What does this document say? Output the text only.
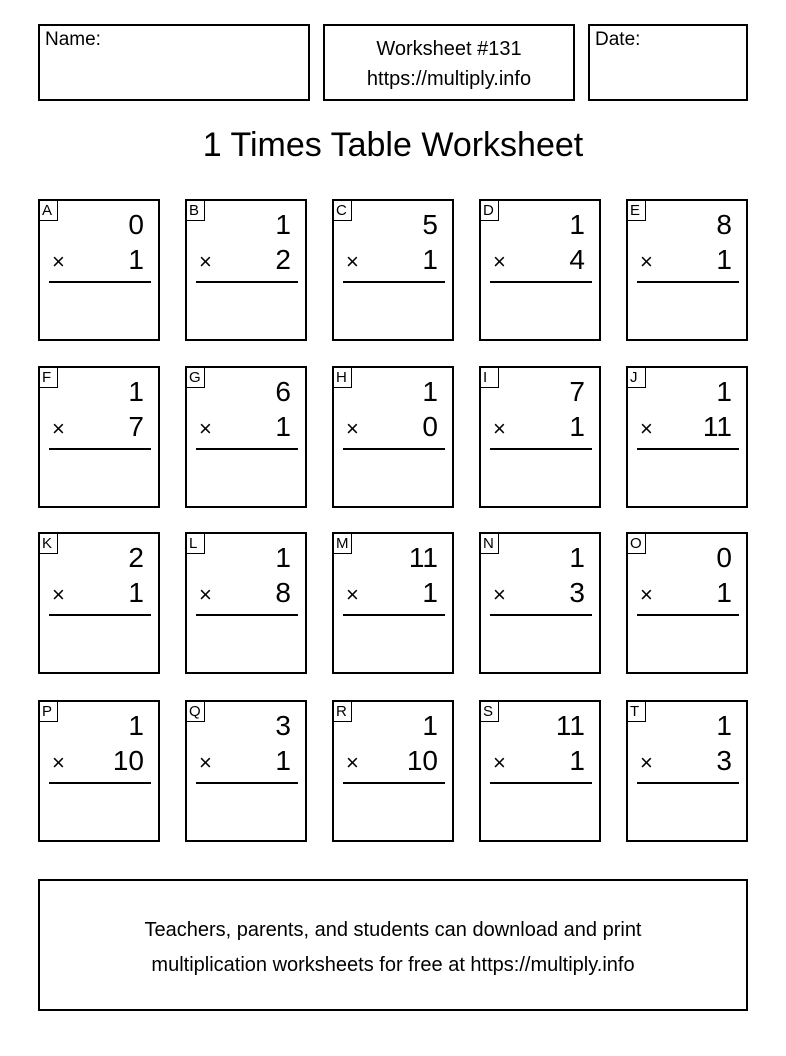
Name:	Worksheet #131
https://multiply.info
Date:
1 Times Table Worksheet
A	0
× 1
B	1
× 2
C	5
× 1
D	1
× 4
E	8
× 1
F	1
× 7
G	6
× 1
H	1
× 0
I	7
× 1
J	1
× 11
K	2
× 1
L	1
× 8
M 11
× 1
N	1
× 3
O	0
× 1
P	1
× 10
Q	3
× 1
R	1
× 10
S 11
× 1
T	1
× 3
Teachers, parents, and students can download and print
multiplication worksheets for free at https://multiply.info
